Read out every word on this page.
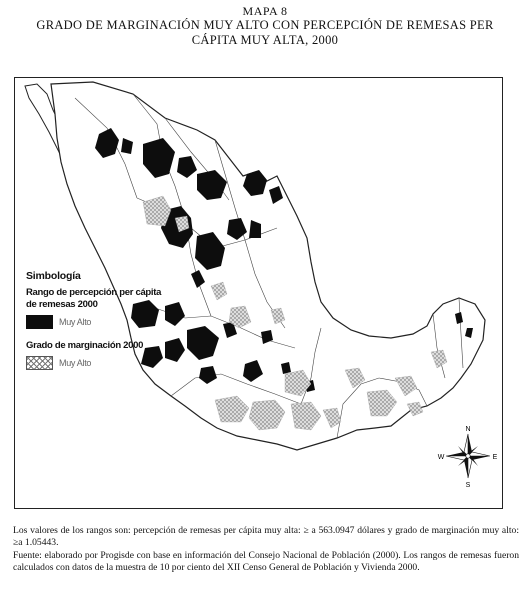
MAPA 8
GRADO DE MARGINACIÓN MUY ALTO CON PERCEPCIÓN DE REMESAS PER CÁPITA MUY ALTA, 2000
N
S
E
W
Simbología
Rango de percepción per cápita de remesas 2000
Muy Alto
Grado de marginación 2000
Muy Alto

Los valores de los rangos son: percepción de remesas per cápita muy alta: ≥ a 563.0947 dólares y grado de marginación muy alto: ≥a 1.05443.

Fuente: elaborado por Progisde con base en información del Consejo Nacional de Población (2000). Los rangos de remesas fueron calculados con datos de la muestra de 10 por ciento del XII Censo General de Población y Vivienda 2000.
